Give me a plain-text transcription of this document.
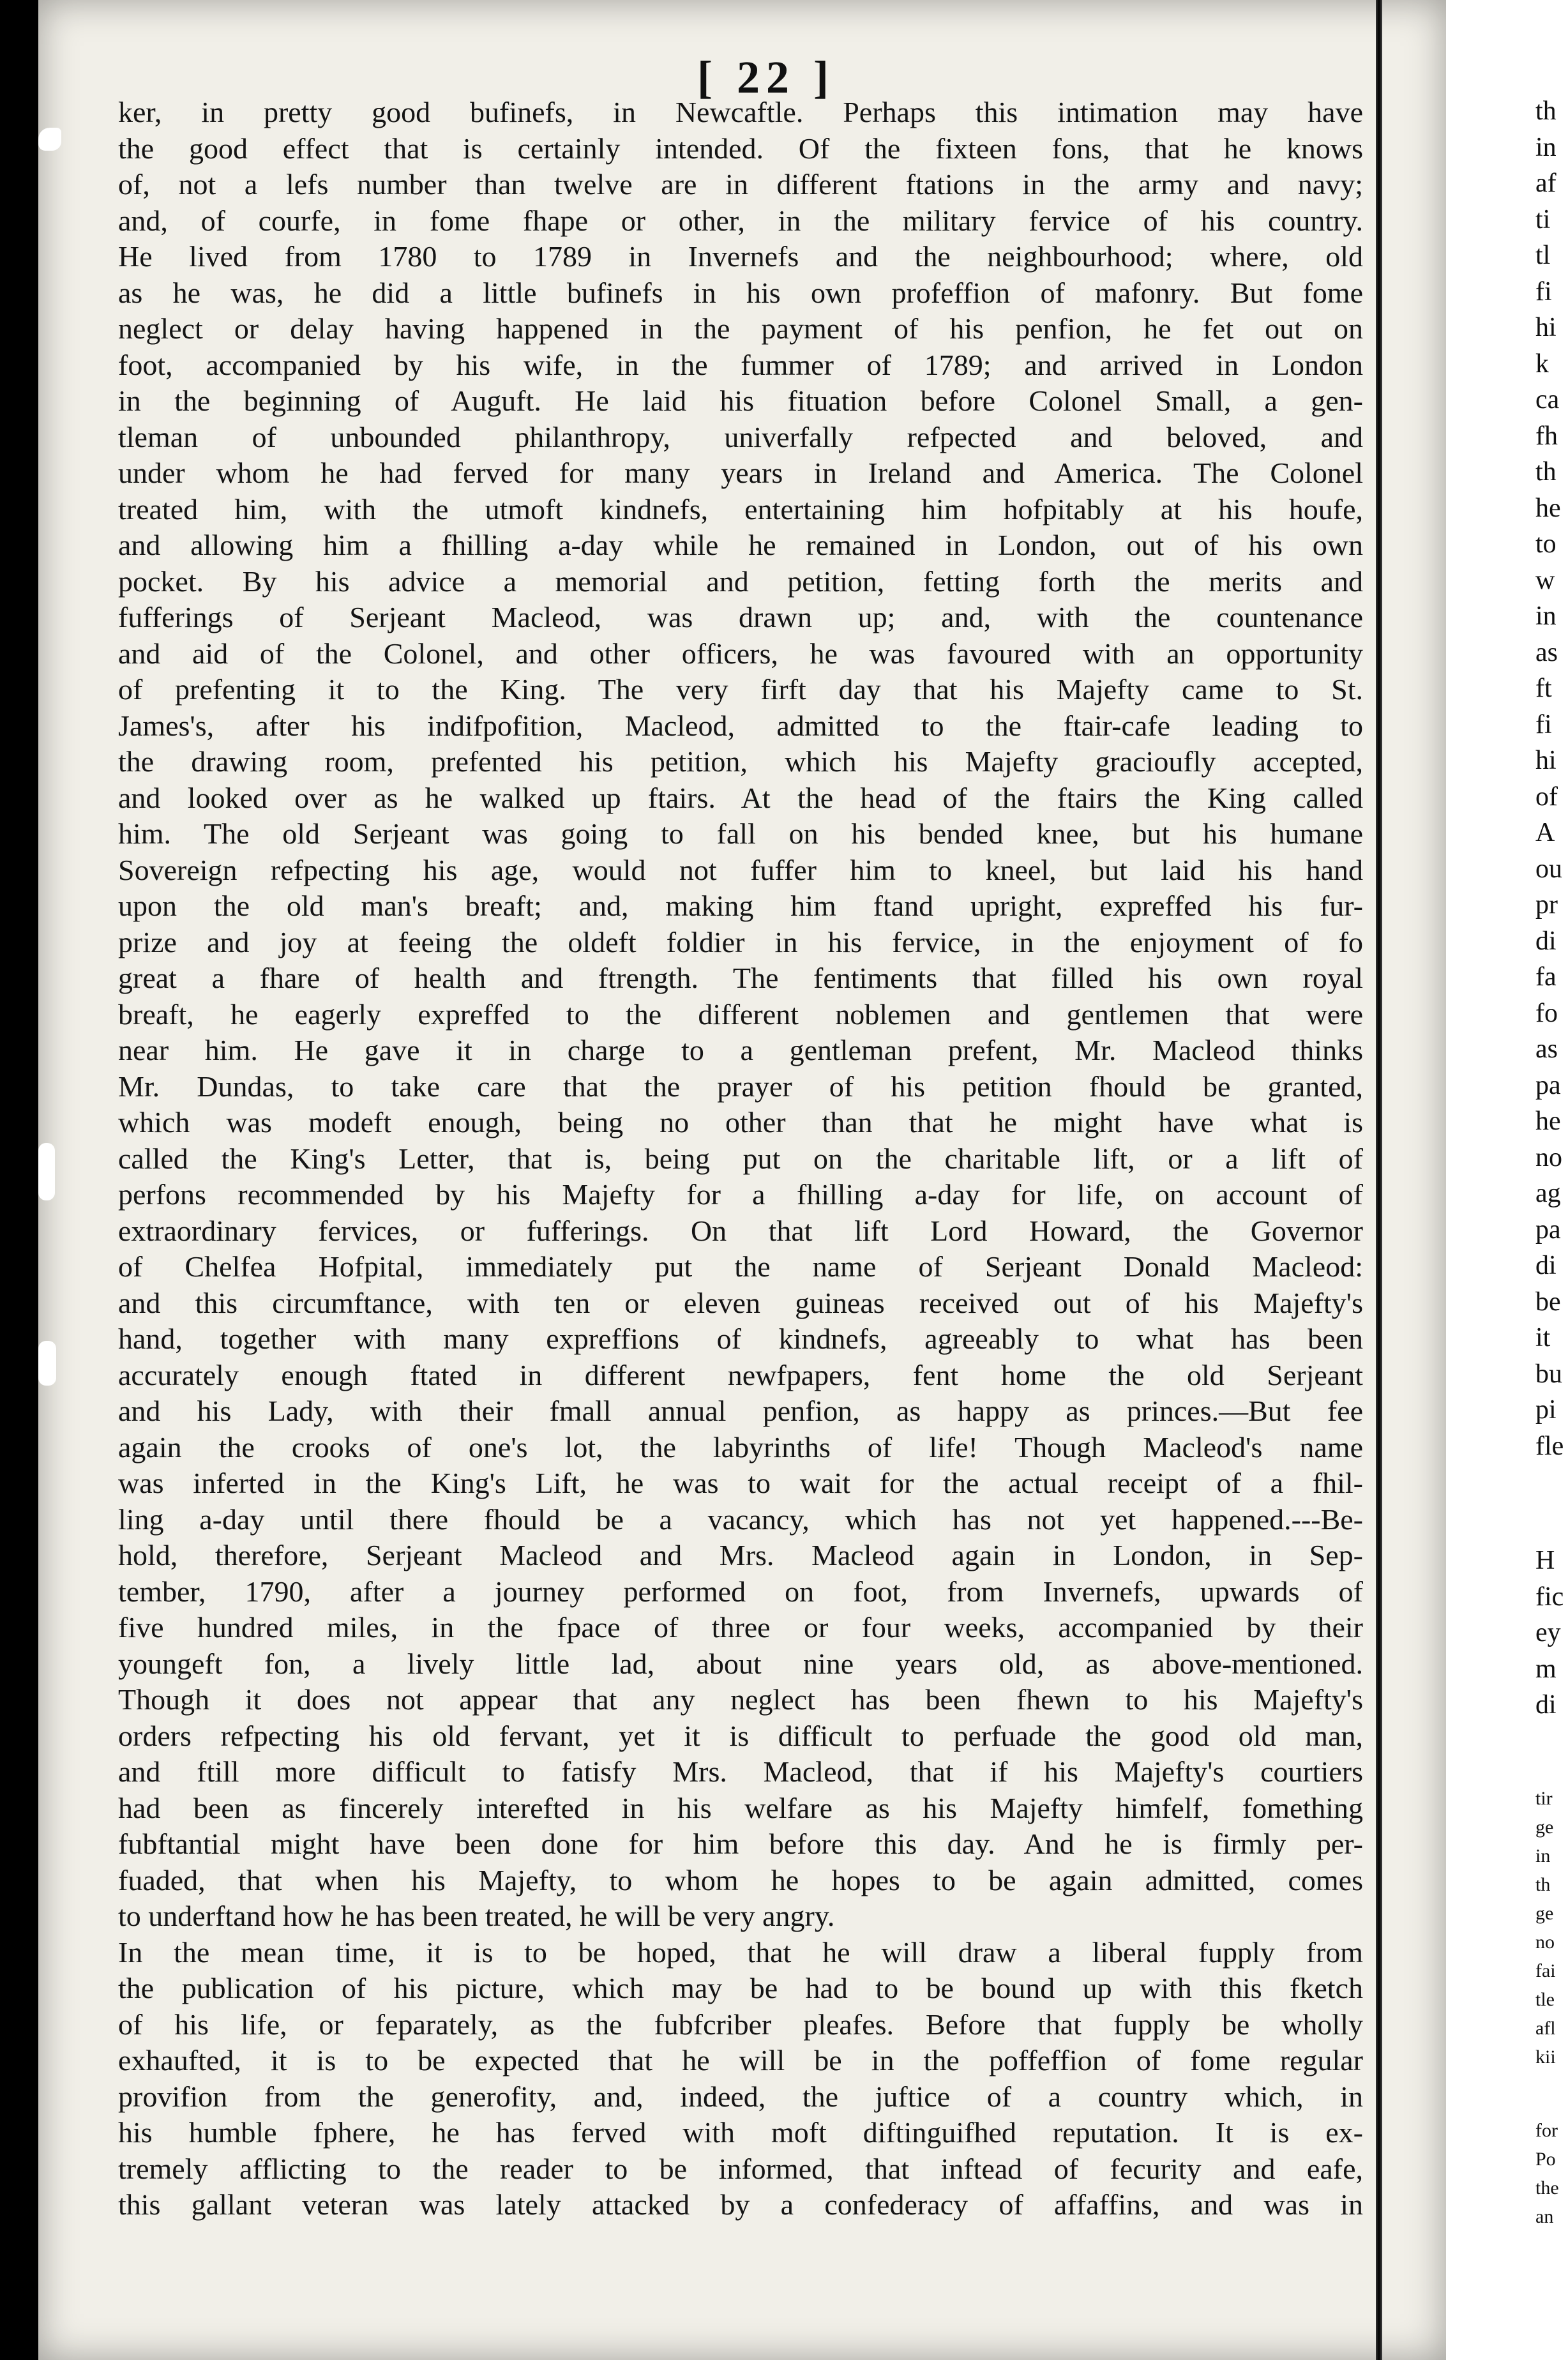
[ 22 ]
ker, in pretty good bufinefs, in Newcaftle. Perhaps this intimation may have
the good effect that is certainly intended. Of the fixteen fons, that he knows
of, not a lefs number than twelve are in different ftations in the army and navy;
and, of courfe, in fome fhape or other, in the military fervice of his country.
He lived from 1780 to 1789 in Invernefs and the neighbourhood; where, old
as he was, he did a little bufinefs in his own profeffion of mafonry. But fome
neglect or delay having happened in the payment of his penfion, he fet out on
foot, accompanied by his wife, in the fummer of 1789; and arrived in London
in the beginning of Auguft. He laid his fituation before Colonel Small, a gen-
tleman of unbounded philanthropy, univerfally refpected and beloved, and
under whom he had ferved for many years in Ireland and America. The Colonel
treated him, with the utmoft kindnefs, entertaining him hofpitably at his houfe,
and allowing him a fhilling a-day while he remained in London, out of his own
pocket. By his advice a memorial and petition, fetting forth the merits and
fufferings of Serjeant Macleod, was drawn up; and, with the countenance
and aid of the Colonel, and other officers, he was favoured with an opportunity
of prefenting it to the King. The very firft day that his Majefty came to St.
James's, after his indifpofition, Macleod, admitted to the ftair-cafe leading to
the drawing room, prefented his petition, which his Majefty gracioufly accepted,
and looked over as he walked up ftairs. At the head of the ftairs the King called
him. The old Serjeant was going to fall on his bended knee, but his humane
Sovereign refpecting his age, would not fuffer him to kneel, but laid his hand
upon the old man's breaft; and, making him ftand upright, expreffed his fur-
prize and joy at feeing the oldeft foldier in his fervice, in the enjoyment of fo
great a fhare of health and ftrength. The fentiments that filled his own royal
breaft, he eagerly expreffed to the different noblemen and gentlemen that were
near him. He gave it in charge to a gentleman prefent, Mr. Macleod thinks
Mr. Dundas, to take care that the prayer of his petition fhould be granted,
which was modeft enough, being no other than that he might have what is
called the King's Letter, that is, being put on the charitable lift, or a lift of
perfons recommended by his Majefty for a fhilling a-day for life, on account of
extraordinary fervices, or fufferings. On that lift Lord Howard, the Governor
of Chelfea Hofpital, immediately put the name of Serjeant Donald Macleod:
and this circumftance, with ten or eleven guineas received out of his Majefty's
hand, together with many expreffions of kindnefs, agreeably to what has been
accurately enough ftated in different newfpapers, fent home the old Serjeant
and his Lady, with their fmall annual penfion, as happy as princes.—But fee
again the crooks of one's lot, the labyrinths of life! Though Macleod's name
was inferted in the King's Lift, he was to wait for the actual receipt of a fhil-
ling a-day until there fhould be a vacancy, which has not yet happened.---Be-
hold, therefore, Serjeant Macleod and Mrs. Macleod again in London, in Sep-
tember, 1790, after a journey performed on foot, from Invernefs, upwards of
five hundred miles, in the fpace of three or four weeks, accompanied by their
youngeft fon, a lively little lad, about nine years old, as above-mentioned.
Though it does not appear that any neglect has been fhewn to his Majefty's
orders refpecting his old fervant, yet it is difficult to perfuade the good old man,
and ftill more difficult to fatisfy Mrs. Macleod, that if his Majefty's courtiers
had been as fincerely interefted in his welfare as his Majefty himfelf, fomething
fubftantial might have been done for him before this day. And he is firmly per-
fuaded, that when his Majefty, to whom he hopes to be again admitted, comes
to underftand how he has been treated, he will be very angry.
In the mean time, it is to be hoped, that he will draw a liberal fupply from
the publication of his picture, which may be had to be bound up with this fketch
of his life, or feparately, as the fubfcriber pleafes. Before that fupply be wholly
exhaufted, it is to be expected that he will be in the poffeffion of fome regular
provifion from the generofity, and, indeed, the juftice of a country which, in
his humble fphere, he has ferved with moft diftinguifhed reputation. It is ex-
tremely afflicting to the reader to be informed, that inftead of fecurity and eafe,
this gallant veteran was lately attacked by a confederacy of affaffins, and was in
th
in
af
ti
tl
fi
hi
k
ca
fh
th
he
to
w
in
as
ft
fi
hi
of
A
ou
pr
di
fa
fo
as
pa
he
no
ag
pa
di
be
it
bu
pi
fle
H
fic
ey
m
di
tir
ge
in
th
ge
no
fai
tle
afl
kii
for
Po
the
an
